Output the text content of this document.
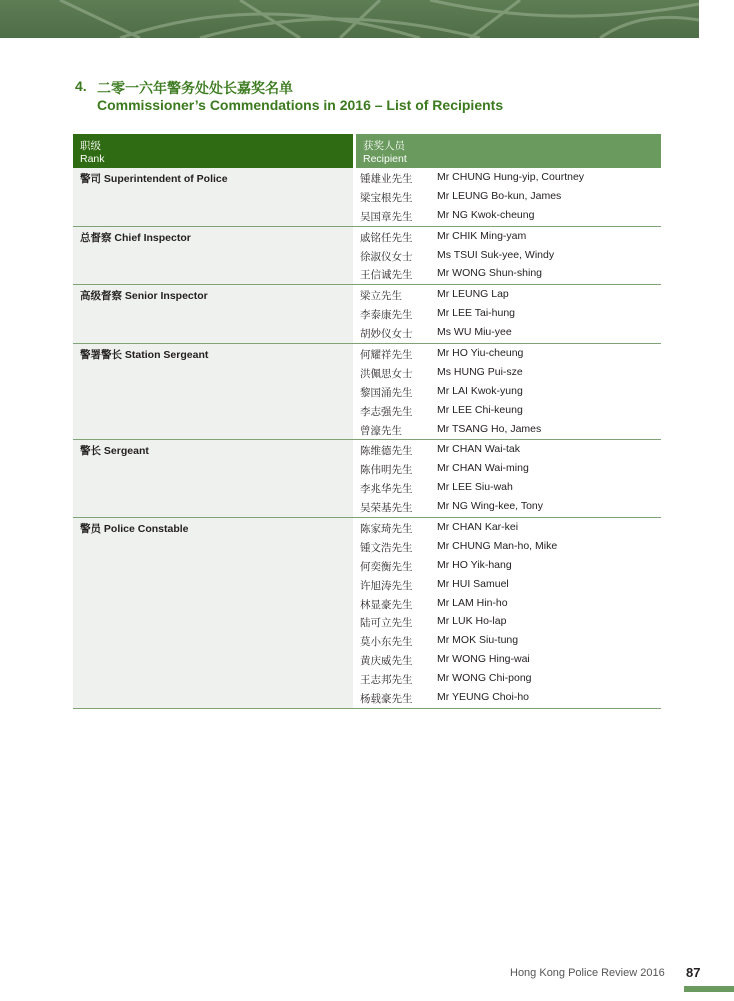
4. 二零一六年警务处处长嘉奖名单
Commissioner’s Commendations in 2016 – List of Recipients
职级
Rank
获奖人员
Recipient
警司 Superintendent of Police	锺雄业先生 Mr CHUNG Hung-yip, Courtney
梁宝根先生 Mr LEUNG Bo-kun, James
吴国章先生 Mr NG Kwok-cheung
总督察 Chief Inspector	戚铭任先生 Mr CHIK Ming-yam
徐淑仪女士 Ms TSUI Suk-yee, Windy
王信诚先生 Mr WONG Shun-shing
高级督察 Senior Inspector	梁立先生	Mr LEUNG Lap
李泰康先生 Mr LEE Tai-hung
胡妙仪女士 Ms WU Miu-yee
警署警长 Station Sergeant	何耀祥先生 Mr HO Yiu-cheung
洪佩思女士 Ms HUNG Pui-sze
黎国涌先生 Mr LAI Kwok-yung
李志强先生 Mr LEE Chi-keung
曾濠先生	Mr TSANG Ho, James
警长 Sergeant	陈维德先生 Mr CHAN Wai-tak
陈伟明先生 Mr CHAN Wai-ming
李兆华先生 Mr LEE Siu-wah
吴荣基先生 Mr NG Wing-kee, Tony
警员 Police Constable	陈家琦先生 Mr CHAN Kar-kei
锺文浩先生 Mr CHUNG Man-ho, Mike
何奕衡先生 Mr HO Yik-hang
许旭涛先生 Mr HUI Samuel
林显豪先生 Mr LAM Hin-ho
陆可立先生 Mr LUK Ho-lap
莫小东先生 Mr MOK Siu-tung
黄庆威先生 Mr WONG Hing-wai
王志邦先生 Mr WONG Chi-pong
杨载豪先生 Mr YEUNG Choi-ho
Hong Kong Police Review 2016 87
